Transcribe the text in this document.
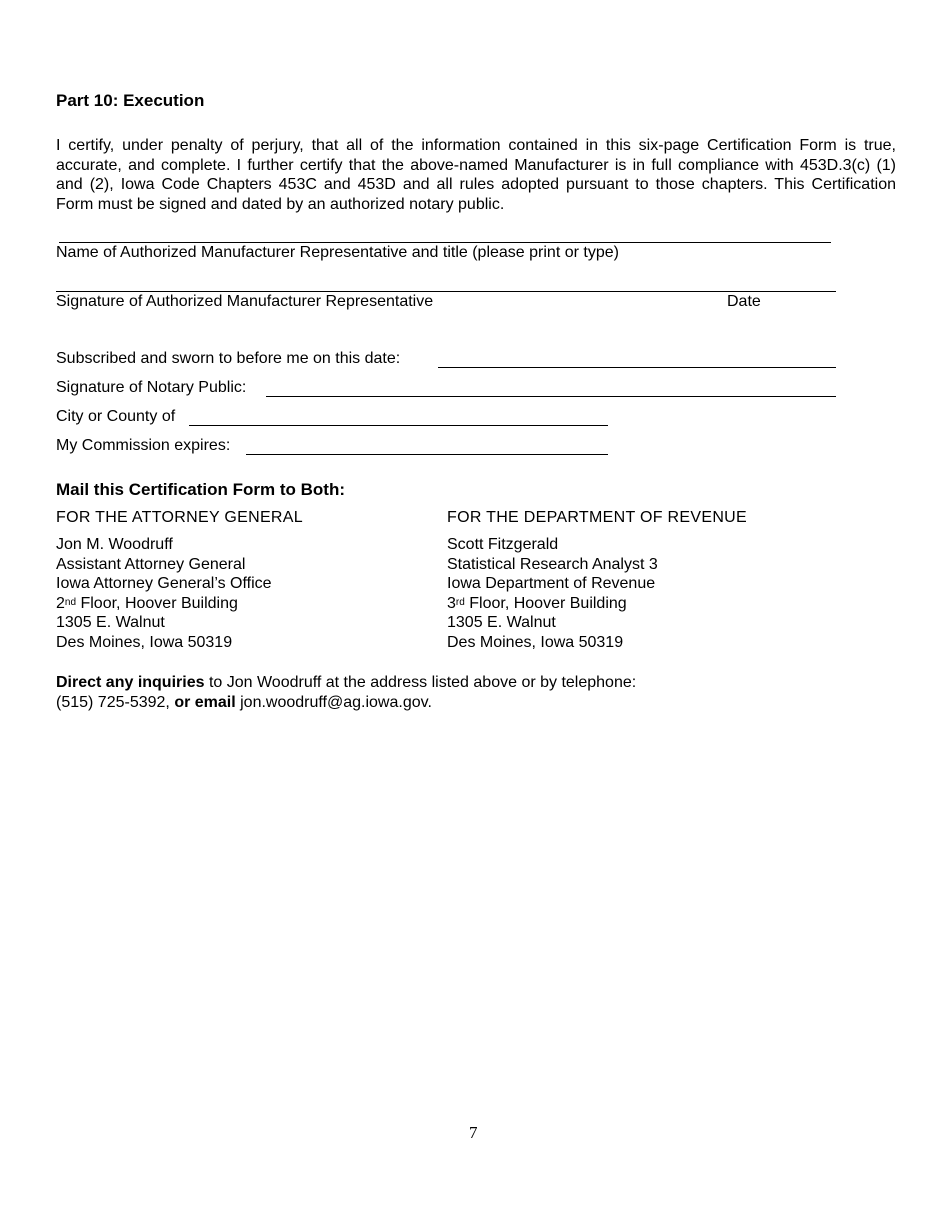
Part 10: Execution
I certify, under penalty of perjury, that all of the information contained in this six-page Certification Form is true,
accurate, and complete. I further certify that the above-named Manufacturer is in full compliance with 453D.3(c) (1)
and (2), Iowa Code Chapters 453C and 453D and all rules adopted pursuant to those chapters. This Certification
Form must be signed and dated by an authorized notary public.
Name of Authorized Manufacturer Representative and title (please print or type)
Signature of Authorized Manufacturer Representative	Date
Subscribed and sworn to before me on this date:
Signature of Notary Public:
City or County of
My Commission expires:
Mail this Certification Form to Both:
FOR THE ATTORNEY GENERAL
Jon M. Woodruff
Assistant Attorney General
Iowa Attorney General’s Office
2nd Floor, Hoover Building
1305 E. Walnut
Des Moines, Iowa 50319
FOR THE DEPARTMENT OF REVENUE
Scott Fitzgerald
Statistical Research Analyst 3
Iowa Department of Revenue
3rd Floor, Hoover Building
1305 E. Walnut
Des Moines, Iowa 50319
Direct any inquiries to Jon Woodruff at the address listed above or by telephone:
(515) 725-5392, or email jon.woodruff@ag.iowa.gov.
7
